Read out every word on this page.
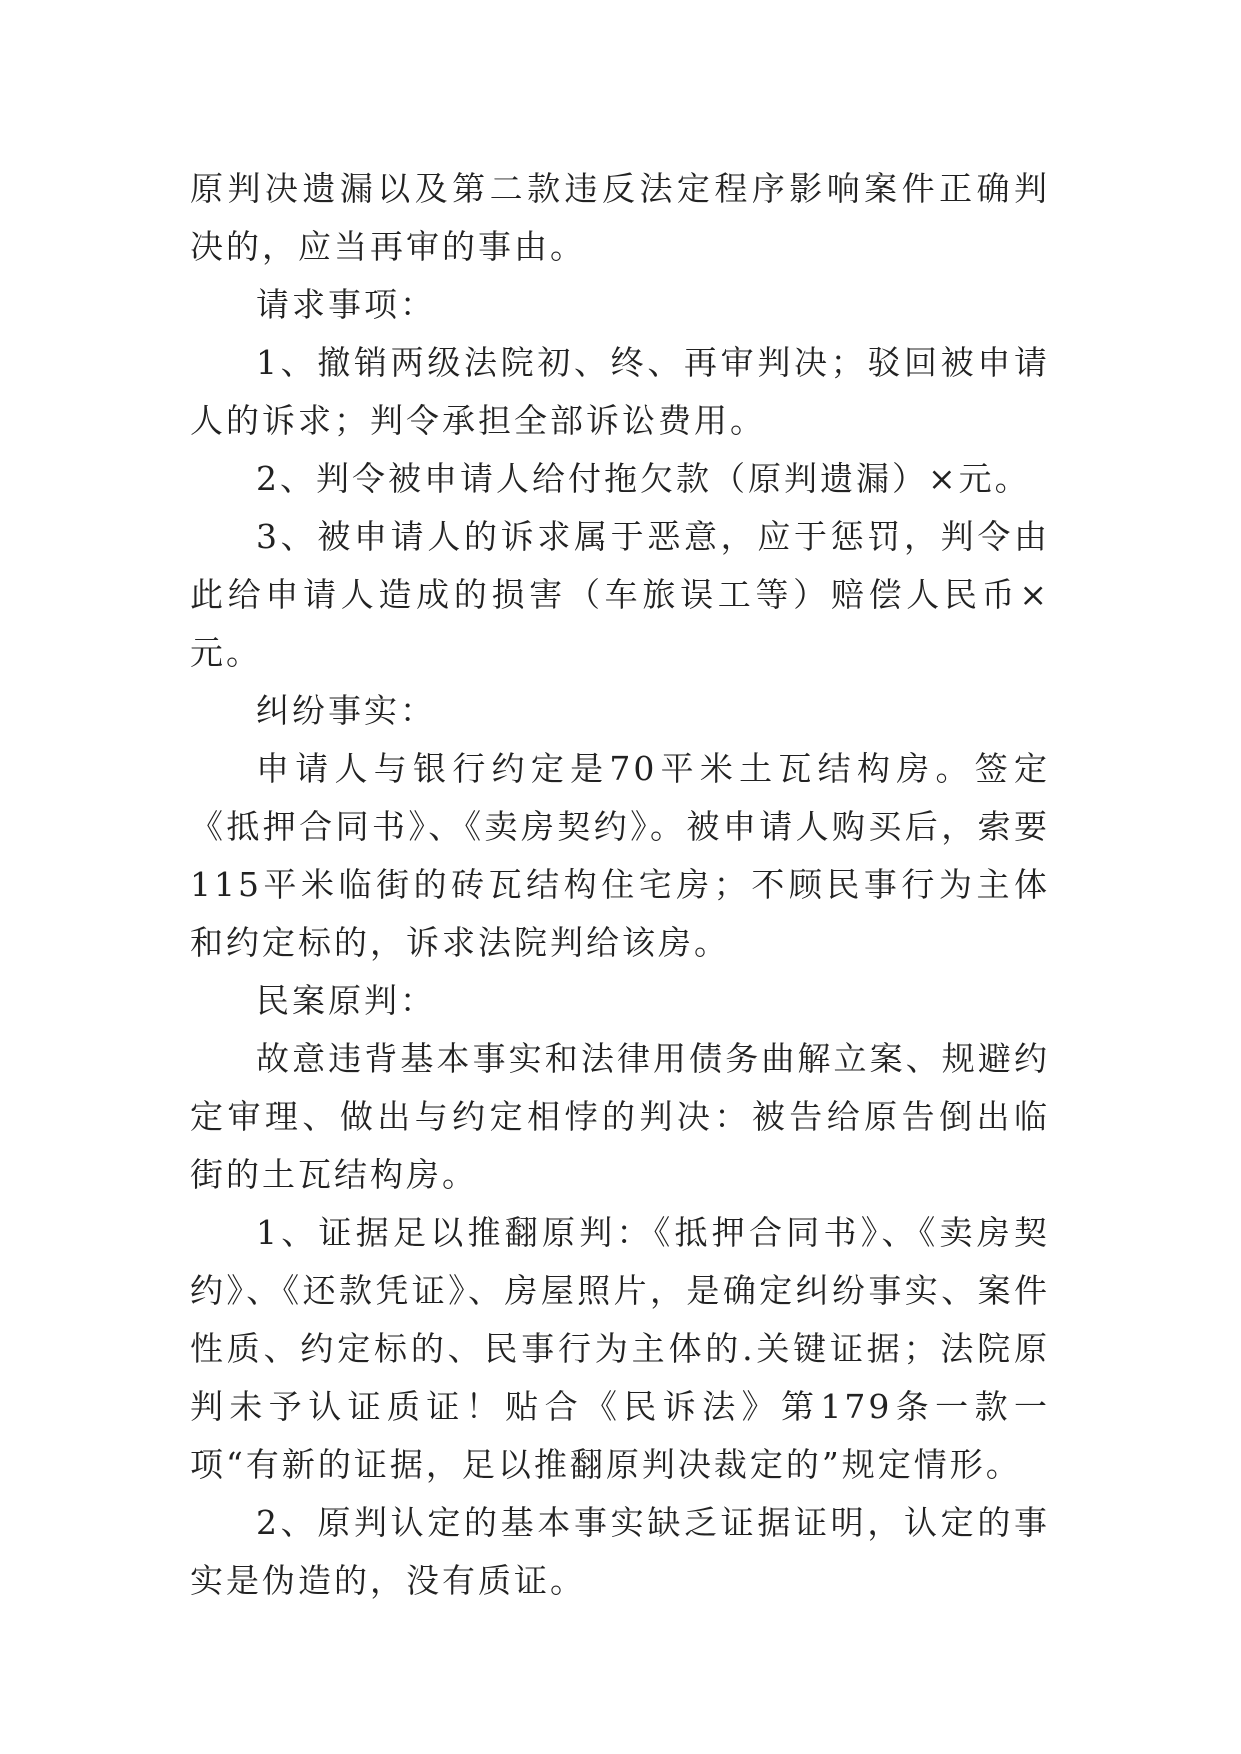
原判决遗漏以及第二款违反法定程序影响案件正确判决的，应当再审的事由。

请求事项：

1、撤销两级法院初、终、再审判决；驳回被申请人的诉求；判令承担全部诉讼费用。

2、判令被申请人给付拖欠款（原判遗漏）×元。

3、被申请人的诉求属于恶意，应于惩罚，判令由此给申请人造成的损害（车旅误工等）赔偿人民币×元。

纠纷事实：

申请人与银行约定是70平米土瓦结构房。签定《抵押合同书》、《卖房契约》。被申请人购买后，索要115平米临街的砖瓦结构住宅房；不顾民事行为主体和约定标的，诉求法院判给该房。

民案原判：

故意违背基本事实和法律用债务曲解立案、规避约定审理、做出与约定相悖的判决：被告给原告倒出临街的土瓦结构房。

1、证据足以推翻原判：《抵押合同书》、《卖房契约》、《还款凭证》、房屋照片，是确定纠纷事实、案件性质、约定标的、民事行为主体的.关键证据；法院原判未予认证质证！贴合《民诉法》第179条一款一项“有新的证据，足以推翻原判决裁定的”规定情形。

2、原判认定的基本事实缺乏证据证明，认定的事实是伪造的，没有质证。
